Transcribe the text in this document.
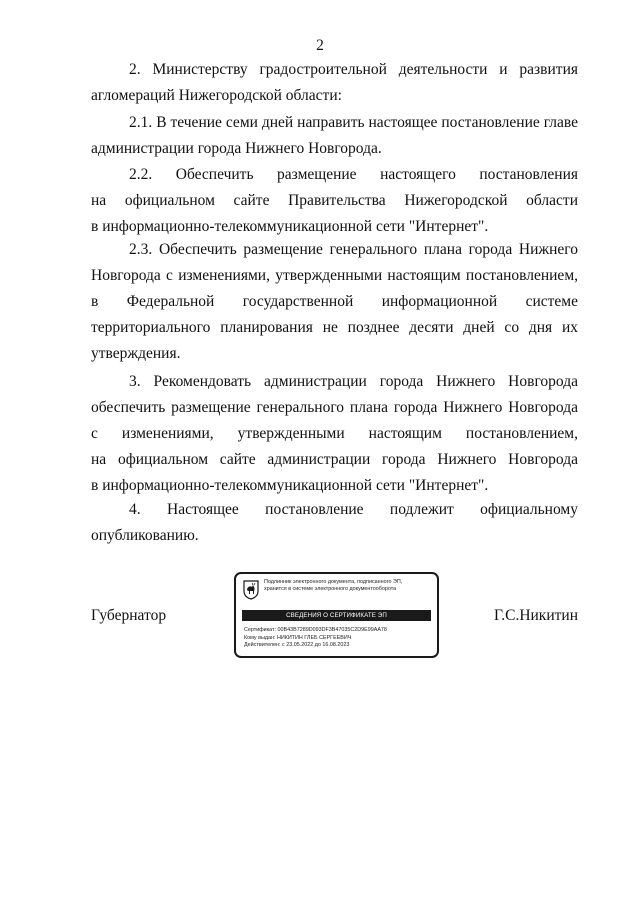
2
2. Министерству градостроительной деятельности и развития
агломераций Нижегородской области:
2.1. В течение семи дней направить настоящее постановление главе
администрации города Нижнего Новгорода.
2.2. Обеспечить размещение настоящего постановления
на официальном сайте Правительства Нижегородской области
в информационно-телекоммуникационной сети "Интернет".
2.3. Обеспечить размещение генерального плана города Нижнего
Новгорода с изменениями, утвержденными настоящим постановлением,
в Федеральной государственной информационной системе
территориального планирования не позднее десяти дней со дня их
утверждения.
3. Рекомендовать администрации города Нижнего Новгорода
обеспечить размещение генерального плана города Нижнего Новгорода
с изменениями, утвержденными настоящим постановлением,
на официальном сайте администрации города Нижнего Новгорода
в информационно-телекоммуникационной сети "Интернет".
4. Настоящее постановление подлежит официальному
опубликованию.
Губернатор
Подлинник электронного документа, подписанного ЭП,
хранится в системе электронного документооборота
СВЕДЕНИЯ О СЕРТИФИКАТЕ ЭП
Сертификат: 00B43B7289D093DF3B47035C2D9E99AA78
Кому выдан: НИКИТИН ГЛЕБ СЕРГЕЕВИЧ
Действителен: с 23.05.2022 до 16.08.2023
Г.С.Никитин
